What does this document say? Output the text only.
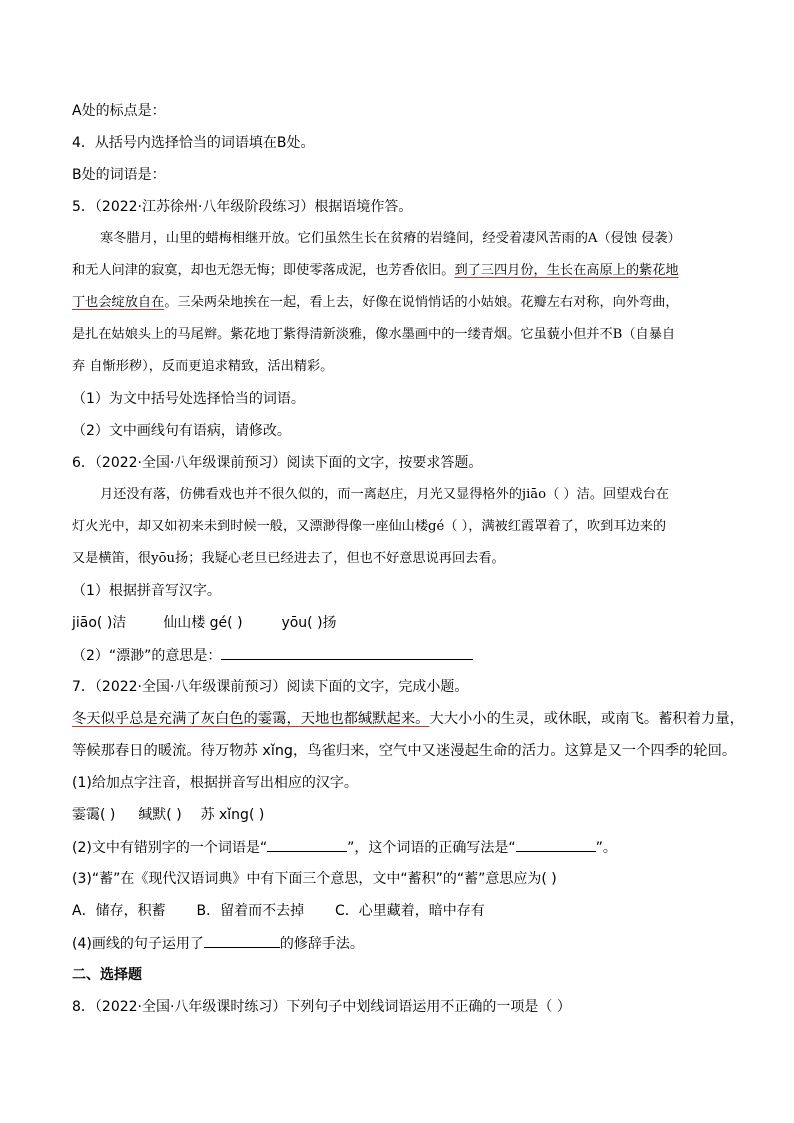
A处的标点是：
4．从括号内选择恰当的词语填在B处。
B处的词语是：
5．（2022·江苏徐州·八年级阶段练习）根据语境作答。
寒冬腊月，山里的蜡梅相继开放。它们虽然生长在贫瘠的岩缝间，经受着凄风苦雨的A（侵蚀 侵袭）
和无人问津的寂寞，却也无怨无悔；即使零落成泥，也芳香依旧。到了三四月份，生长在高原上的紫花地
丁也会绽放自在。三朵两朵地挨在一起，看上去，好像在说悄悄话的小姑娘。花瓣左右对称，向外弯曲，
是扎在姑娘头上的马尾辫。紫花地丁紫得清新淡雅，像水墨画中的一缕青烟。它虽藐小但并不B（自暴自
弃 自惭形秽），反而更追求精致，活出精彩。
（1）为文中括号处选择恰当的词语。
（2）文中画线句有语病，请修改。
6．（2022·全国·八年级课前预习）阅读下面的文字，按要求答题。
月还没有落，仿佛看戏也并不很久似的，而一离赵庄，月光又显得格外的jiāo（ ）洁。回望戏台在
灯火光中，却又如初来未到时候一般，又漂渺得像一座仙山楼gé（ ），满被红霞罩着了，吹到耳边来的
又是横笛，很yōu扬；我疑心老旦已经进去了，但也不好意思说再回去看。
（1）根据拼音写汉字。
jiāo( )洁	仙山楼 gé( )	yōu( )扬
（2）“漂渺”的意思是：
7．（2022·全国·八年级课前预习）阅读下面的文字，完成小题。
冬天似乎总是充满了灰白色的霎霭，天地也都缄默起来。大大小小的生灵，或休眠，或南飞。蓄积着力量，
等候那春日的暖流。待万物苏 xǐng，鸟雀归来，空气中又迷漫起生命的活力。这算是又一个四季的轮回。
(1)给加点字注音，根据拼音写出相应的汉字。
霎霭( ) 缄默( ) 苏 xǐng( )
(2)文中有错别字的一个词语是“	”，这个词语的正确写法是“	”。
(3)“蓄”在《现代汉语词典》中有下面三个意思，文中“蓄积”的“蓄”意思应为( )
A．储存，积蓄 B．留着而不去掉 C．心里藏着，暗中存有
(4)画线的句子运用了	的修辞手法。
二、选择题
8．（2022·全国·八年级课时练习）下列句子中划线词语运用不正确的一项是（ ）
